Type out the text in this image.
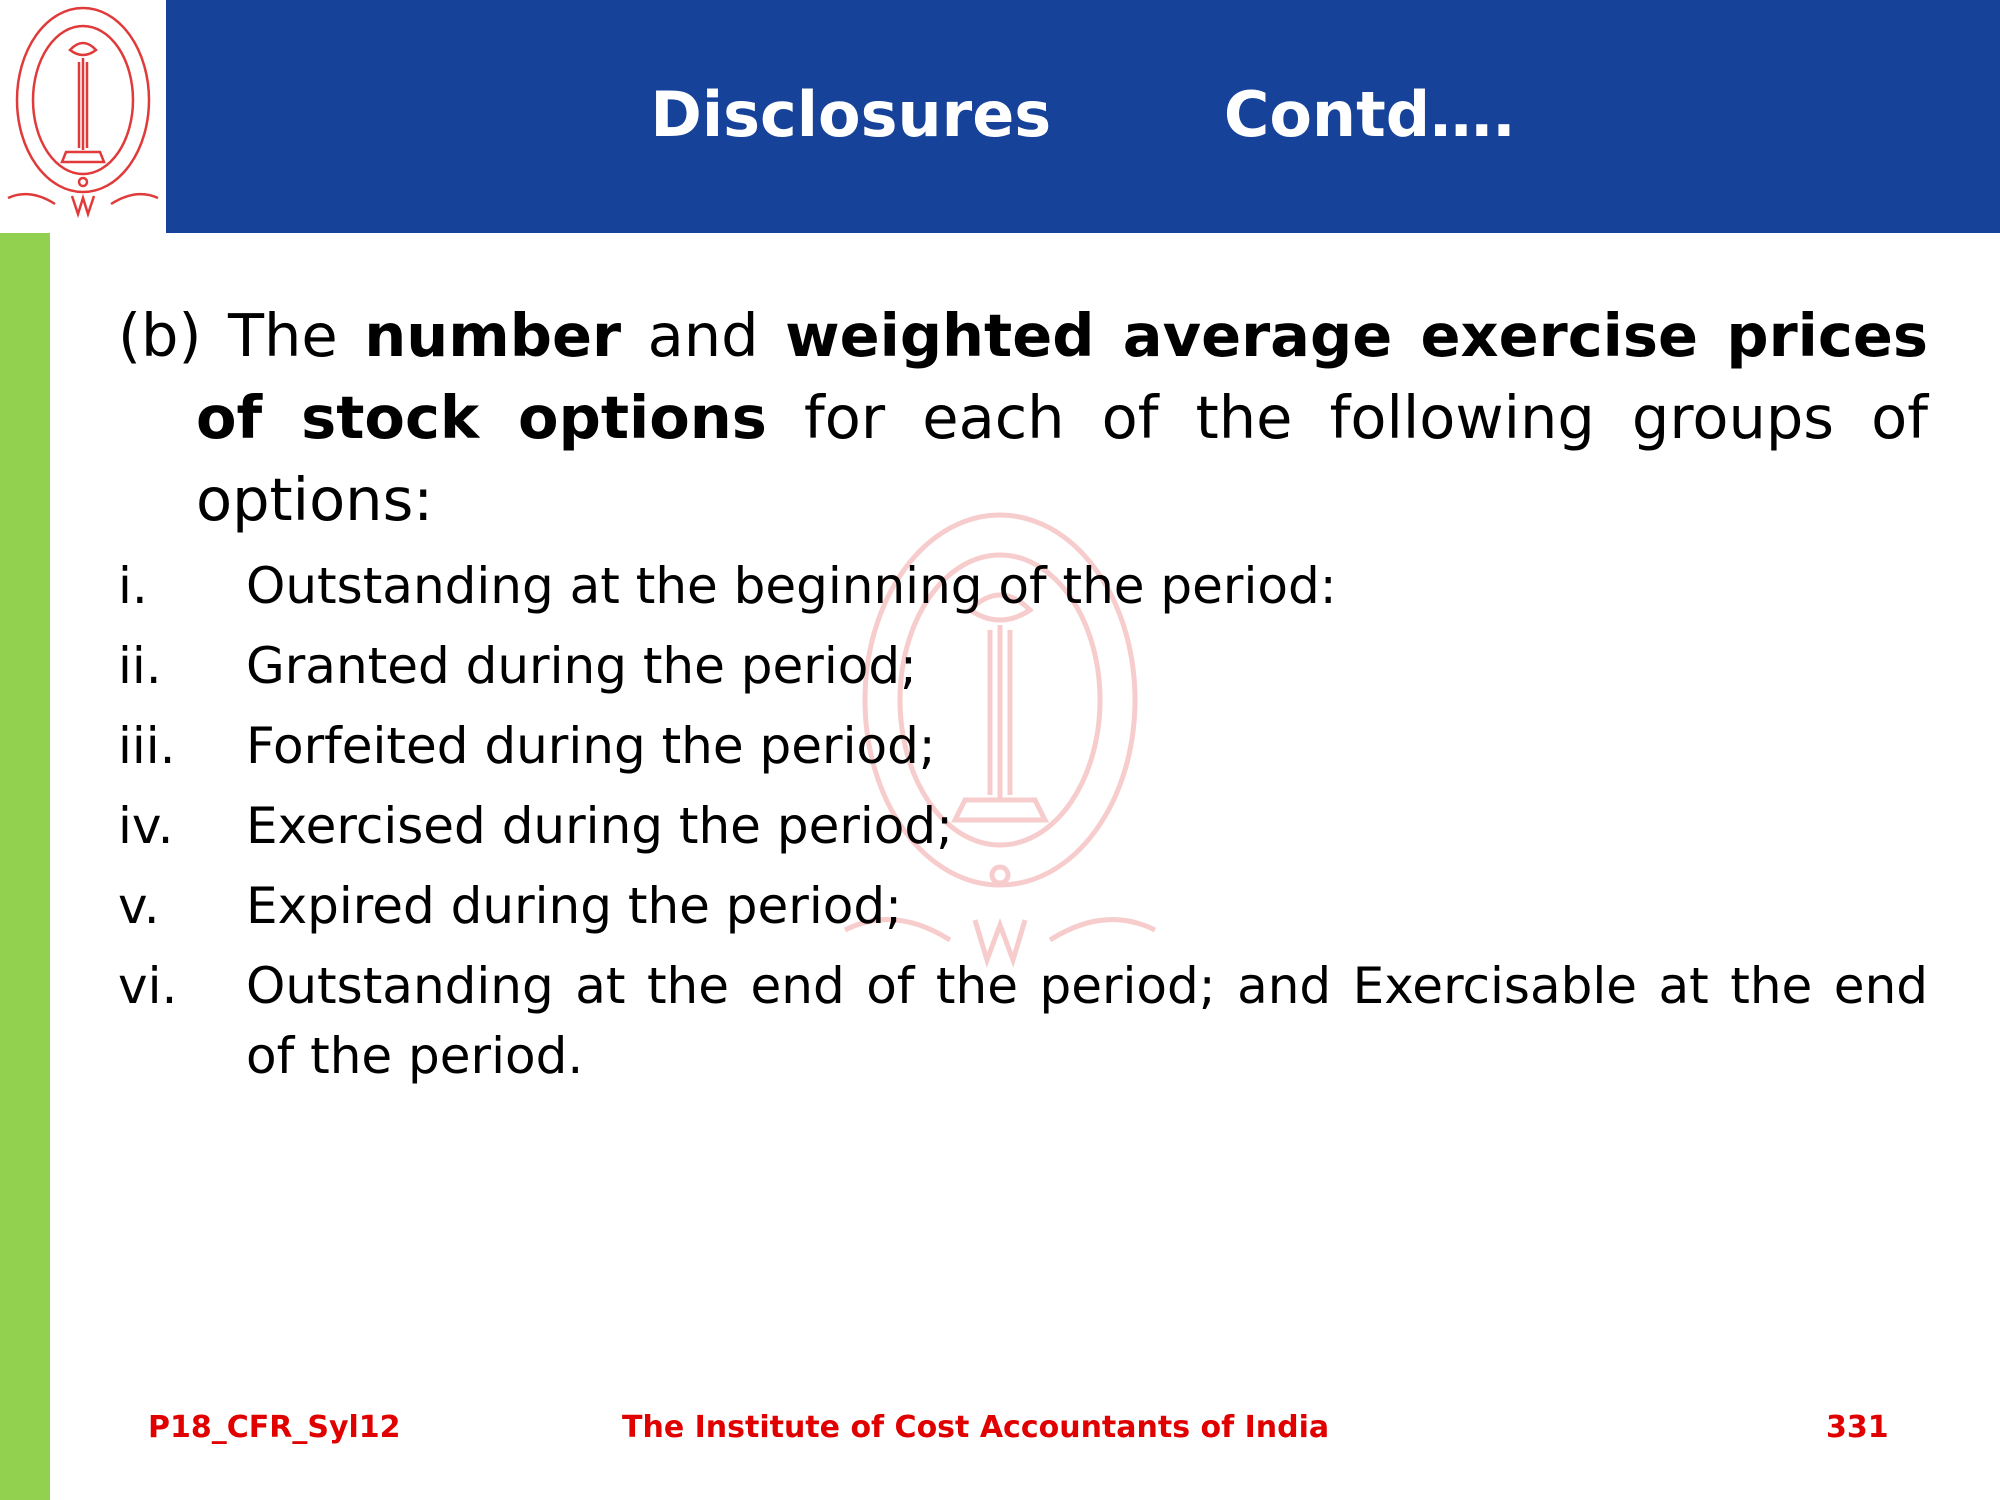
Disclosures        Contd….

(b) The number and weighted average exercise prices of stock options for each of the following groups of options:

i. Outstanding at the beginning of the period:
ii. Granted during the period;
iii. Forfeited during the period;
iv. Exercised during the period;
v. Expired during the period;
vi. Outstanding at the end of the period; and Exercisable at the end of the period.
P18_CFR_Syl12	The Institute of Cost Accountants of India	331
